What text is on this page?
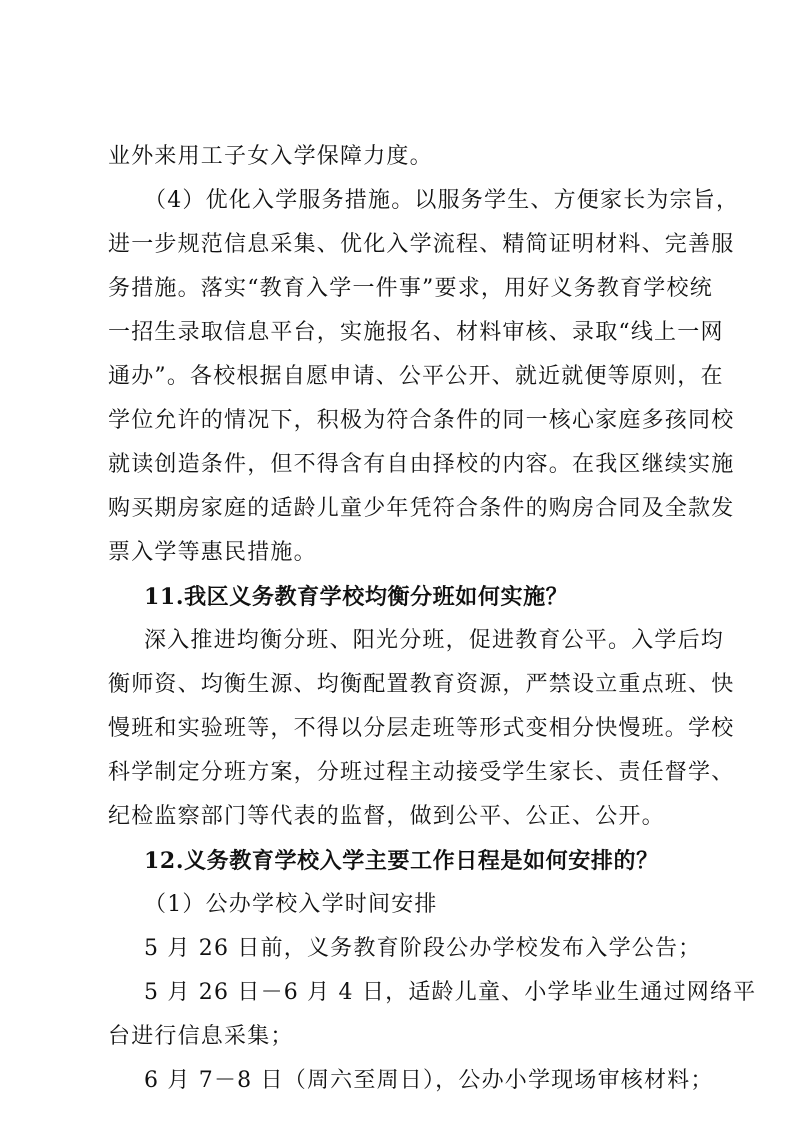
业外来用工子女入学保障力度。
（4）优化入学服务措施。以服务学生、方便家长为宗旨，
进一步规范信息采集、优化入学流程、精简证明材料、完善服
务措施。落实“教育入学一件事”要求，用好义务教育学校统
一招生录取信息平台，实施报名、材料审核、录取“线上一网
通办”。各校根据自愿申请、公平公开、就近就便等原则，在
学位允许的情况下，积极为符合条件的同一核心家庭多孩同校
就读创造条件，但不得含有自由择校的内容。在我区继续实施
购买期房家庭的适龄儿童少年凭符合条件的购房合同及全款发
票入学等惠民措施。
11.我区义务教育学校均衡分班如何实施？
深入推进均衡分班、阳光分班，促进教育公平。入学后均
衡师资、均衡生源、均衡配置教育资源，严禁设立重点班、快
慢班和实验班等，不得以分层走班等形式变相分快慢班。学校
科学制定分班方案，分班过程主动接受学生家长、责任督学、
纪检监察部门等代表的监督，做到公平、公正、公开。
12.义务教育学校入学主要工作日程是如何安排的？
（1）公办学校入学时间安排
5 月 26 日前，义务教育阶段公办学校发布入学公告；
5 月 26 日－6 月 4 日，适龄儿童、小学毕业生通过网络平
台进行信息采集；
6 月 7－8 日（周六至周日），公办小学现场审核材料；
